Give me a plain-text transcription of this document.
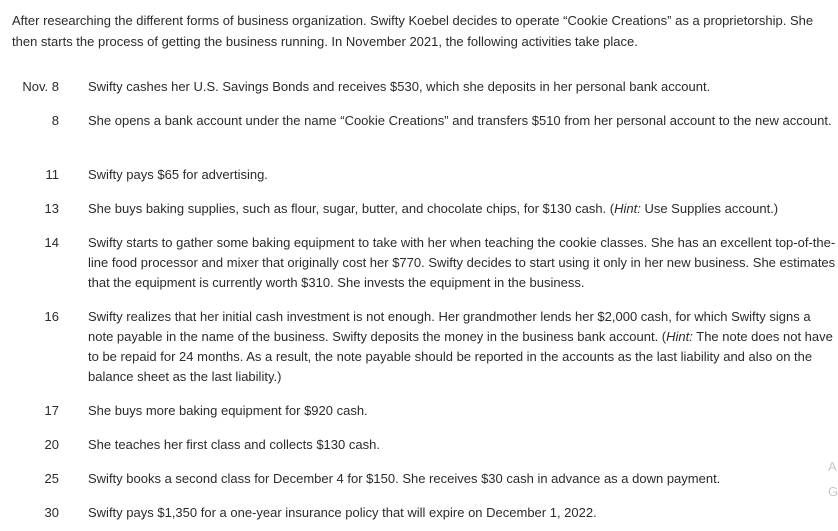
After researching the different forms of business organization. Swifty Koebel decides to operate “Cookie Creations” as a proprietorship. She then starts the process of getting the business running. In November 2021, the following activities take place.
Nov. 8 Swifty cashes her U.S. Savings Bonds and receives $530, which she deposits in her personal bank account.
8 She opens a bank account under the name “Cookie Creations” and transfers $510 from her personal account to the new account.
11 Swifty pays $65 for advertising.
13 She buys baking supplies, such as flour, sugar, butter, and chocolate chips, for $130 cash. (Hint: Use Supplies account.)
14 Swifty starts to gather some baking equipment to take with her when teaching the cookie classes. She has an excellent top-of-the-line food processor and mixer that originally cost her $770. Swifty decides to start using it only in her new business. She estimates that the equipment is currently worth $310. She invests the equipment in the business.
16 Swifty realizes that her initial cash investment is not enough. Her grandmother lends her $2,000 cash, for which Swifty signs a note payable in the name of the business. Swifty deposits the money in the business bank account. (Hint: The note does not have to be repaid for 24 months. As a result, the note payable should be reported in the accounts as the last liability and also on the balance sheet as the last liability.)
17 She buys more baking equipment for $920 cash.
20 She teaches her first class and collects $130 cash.
25 Swifty books a second class for December 4 for $150. She receives $30 cash in advance as a down payment.
30 Swifty pays $1,350 for a one-year insurance policy that will expire on December 1, 2022.
A
G
